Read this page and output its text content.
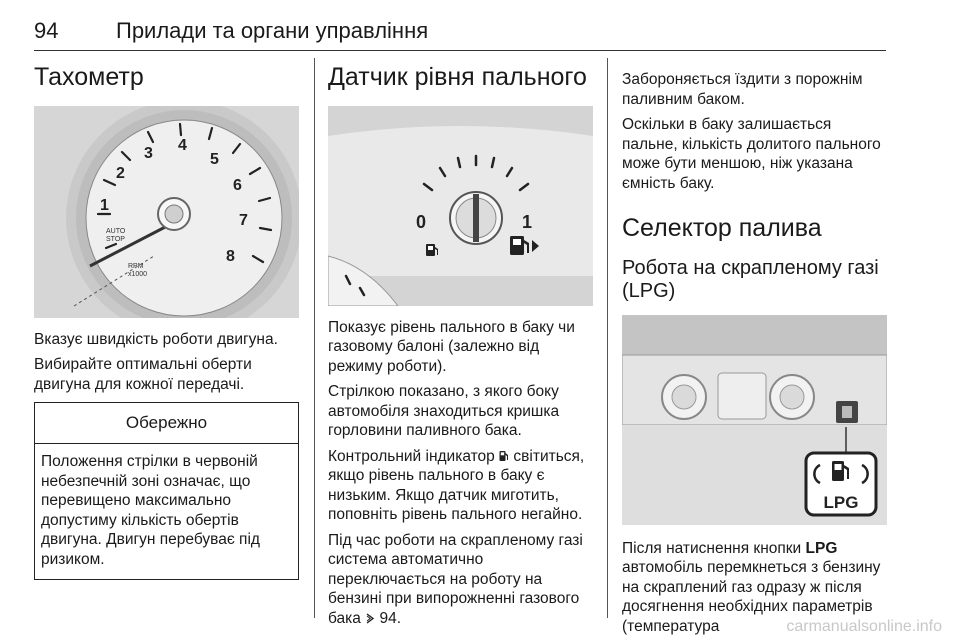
94	Прилади та органи управління
Тахометр
1
2
3 4
5
6
7
8
AUTO
STOP
RPM
x1000

Вказує швидкість роботи двигуна.

Вибирайте оптимальні оберти двигуна для кожної передачі.

Обережно
Положення стрілки в червоній небезпечній зоні означає, що перевищено максимально допустиму кількість обертів двигуна. Двигун перебуває під ризиком.
Датчик рівня пального
0	1

Показує рівень пального в баку чи газовому балоні (залежно від режиму роботи).

Стрілкою показано, з якого боку автомобіля знаходиться кришка горловини паливного бака.

Контрольний індикатор світиться, якщо рівень пального в баку є низьким. Якщо датчик миготить, поповніть рівень пального негайно.

Під час роботи на скрапленому газі система автоматично переключається на роботу на бензині при випорожненні газового бака 94.

Забороняється їздити з порожнім паливним баком.

Оскільки в баку залишається пальне, кількість долитого пального може бути меншою, ніж указана ємність баку.

Селектор палива
Робота на скрапленому газі (LPG)
LPG

Після натиснення кнопки LPG автомобіль перемкнеться з бензину на скраплений газ одразу ж після досягнення необхідних параметрів (температура	carmanualsonline.info
